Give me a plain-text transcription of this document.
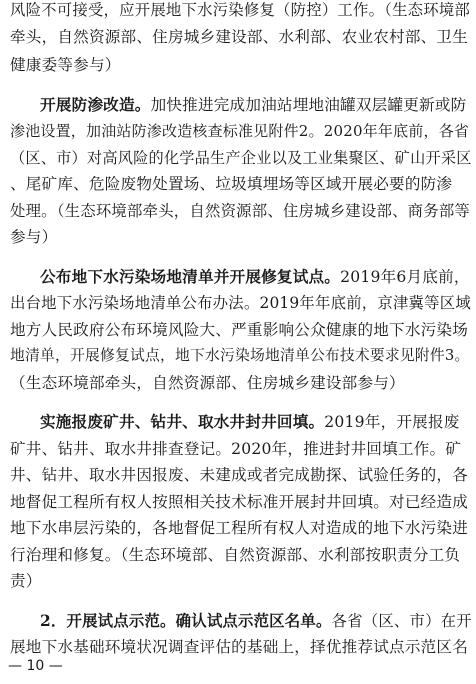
风险不可接受，应开展地下水污染修复（防控）工作。（生态环境部
牵头，自然资源部、住房城乡建设部、水利部、农业农村部、卫生
健康委等参与）
开展防渗改造。加快推进完成加油站埋地油罐双层罐更新或防
渗池设置，加油站防渗改造核查标准见附件2。2020年年底前，各省
（区、市）对高风险的化学品生产企业以及工业集聚区、矿山开采区
、尾矿库、危险废物处置场、垃圾填埋场等区域开展必要的防渗
处理。（生态环境部牵头，自然资源部、住房城乡建设部、商务部等
参与）
公布地下水污染场地清单并开展修复试点。2019年6月底前，
出台地下水污染场地清单公布办法。2019年年底前，京津冀等区域
地方人民政府公布环境风险大、严重影响公众健康的地下水污染场
地清单，开展修复试点，地下水污染场地清单公布技术要求见附件3。
（生态环境部牵头，自然资源部、住房城乡建设部参与）
实施报废矿井、钻井、取水井封井回填。2019年，开展报废
矿井、钻井、取水井排查登记。2020年，推进封井回填工作。矿
井、钻井、取水井因报废、未建成或者完成勘探、试验任务的，各
地督促工程所有权人按照相关技术标准开展封井回填。对已经造成
地下水串层污染的，各地督促工程所有权人对造成的地下水污染进
行治理和修复。（生态环境部、自然资源部、水利部按职责分工负
责）
2．开展试点示范。确认试点示范区名单。各省（区、市）在开
展地下水基础环境状况调查评估的基础上，择优推荐试点示范区名
— 10 —
